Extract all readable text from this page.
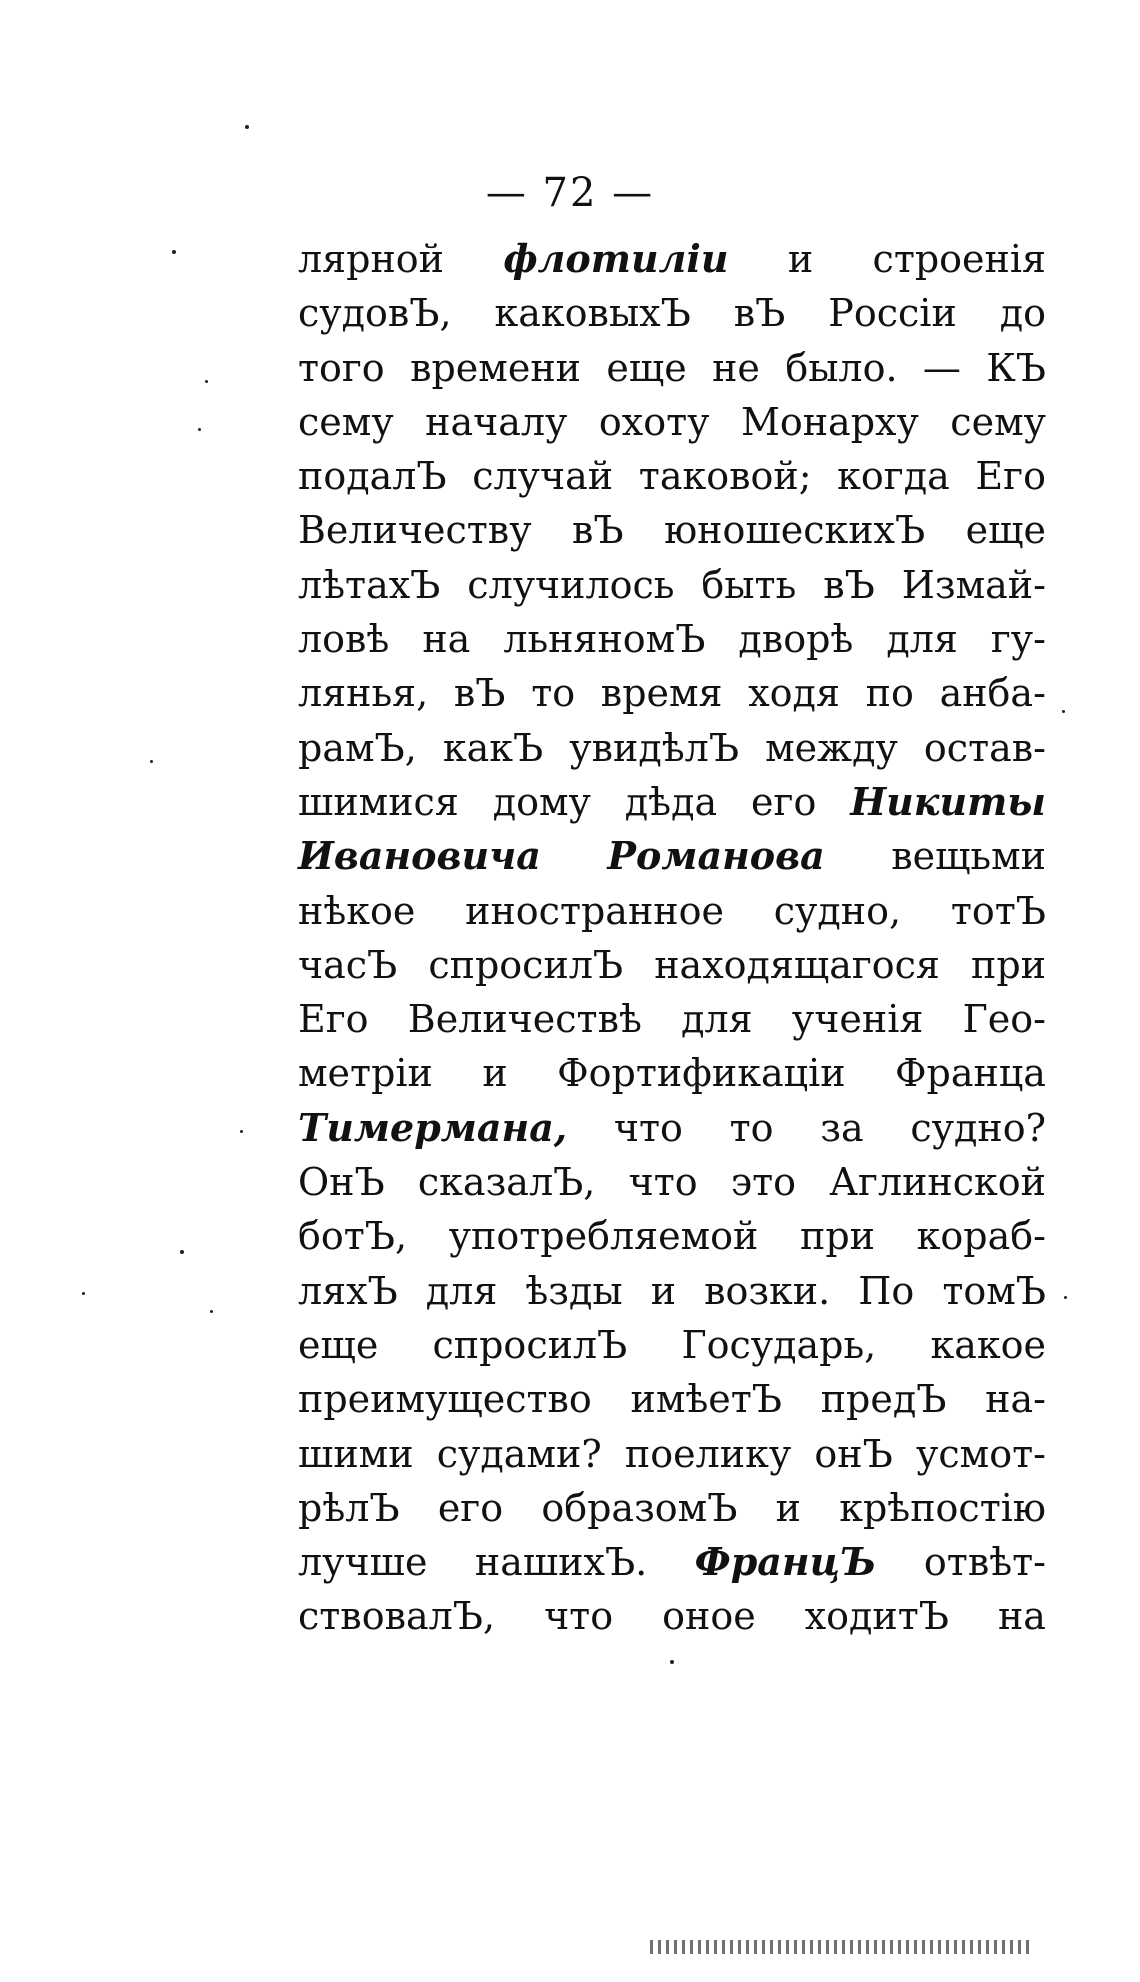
— 72 —
лярной флотиліи и строенія
судовЪ, каковыхЪ вЪ Россіи до
того времени еще не было. — КЪ
сему началу охоту Монарху сему
подалЪ случай таковой; когда Его
Величеству вЪ юношескихЪ еще
лѣтахЪ случилось быть вЪ Измай-
ловѣ на льняномЪ дворѣ для гу-
лянья, вЪ то время ходя по анба-
рамЪ, какЪ увидѣлЪ между остав-
шимися дому дѣда его Никиты
Ивановича Романова вещьми
нѣкое иностранное судно, тотЪ
часЪ спросилЪ находящагося при
Его Величествѣ для ученія Гео-
метріи и Фортификаціи Франца
Тимермана, что то за судно?
ОнЪ сказалЪ, что это Аглинской
ботЪ, употребляемой при кораб-
ляхЪ для ѣзды и возки. По томЪ
еще спросилЪ Государь, какое
преимущество имѣетЪ предЪ на-
шими судами? поелику онЪ усмот-
рѣлЪ его образомЪ и крѣпостію
лучше нашихЪ. ФранцЪ отвѣт-
ствовалЪ, что оное ходитЪ на
